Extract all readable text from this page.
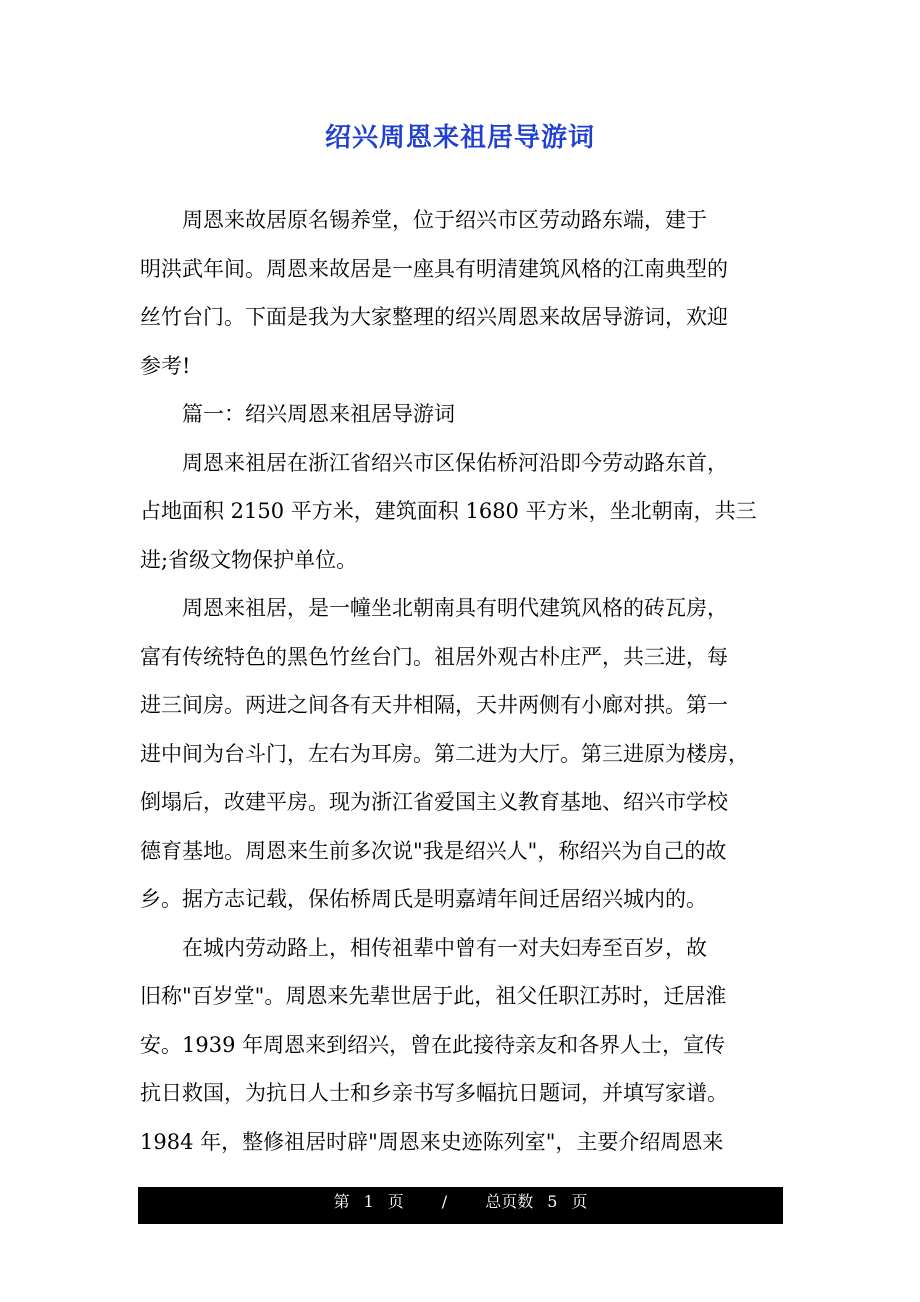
绍兴周恩来祖居导游词

周恩来故居原名锡养堂，位于绍兴市区劳动路东端，建于
明洪武年间。周恩来故居是一座具有明清建筑风格的江南典型的
丝竹台门。下面是我为大家整理的绍兴周恩来故居导游词，欢迎
参考!

篇一：绍兴周恩来祖居导游词

周恩来祖居在浙江省绍兴市区保佑桥河沿即今劳动路东首，
占地面积 2150 平方米，建筑面积 1680 平方米，坐北朝南，共三
进;省级文物保护单位。

周恩来祖居，是一幢坐北朝南具有明代建筑风格的砖瓦房，
富有传统特色的黑色竹丝台门。祖居外观古朴庄严，共三进，每
进三间房。两进之间各有天井相隔，天井两侧有小廊对拱。第一
进中间为台斗门，左右为耳房。第二进为大厅。第三进原为楼房，
倒塌后，改建平房。现为浙江省爱国主义教育基地、绍兴市学校
德育基地。周恩来生前多次说"我是绍兴人"，称绍兴为自己的故
乡。据方志记载，保佑桥周氏是明嘉靖年间迁居绍兴城内的。

在城内劳动路上，相传祖辈中曾有一对夫妇寿至百岁，故
旧称"百岁堂"。周恩来先辈世居于此，祖父任职江苏时，迁居淮
安。1939 年周恩来到绍兴，曾在此接待亲友和各界人士，宣传
抗日救国，为抗日人士和乡亲书写多幅抗日题词，并填写家谱。
1984 年，整修祖居时辟"周恩来史迹陈列室"，主要介绍周恩来

第 1 页 / 总页数 5 页
